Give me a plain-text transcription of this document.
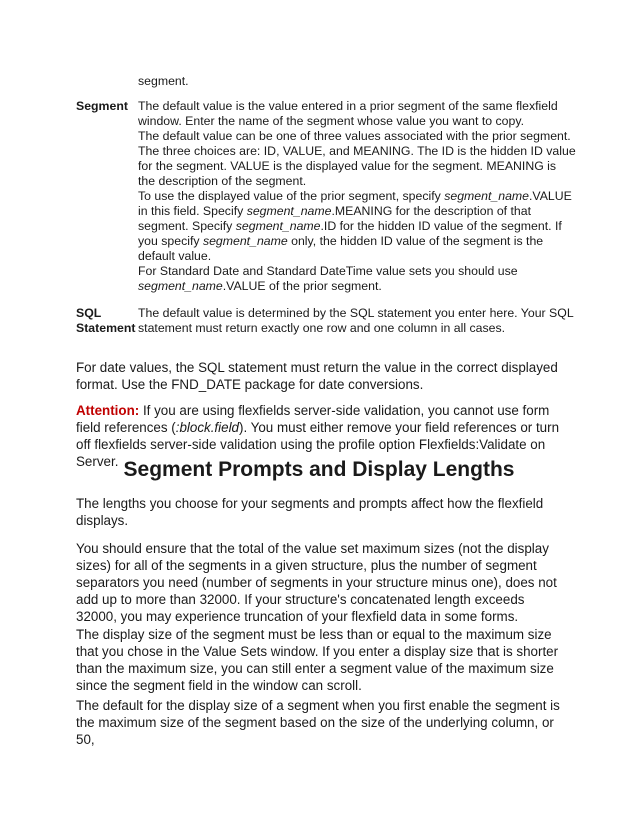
segment.
Segment The default value is the value entered in a prior segment of the same flexfield window. Enter the name of the segment whose value you want to copy.

The default value can be one of three values associated with the prior segment. The three choices are: ID, VALUE, and MEANING. The ID is the hidden ID value for the segment. VALUE is the displayed value for the segment. MEANING is the description of the segment.

To use the displayed value of the prior segment, specify segment_name.VALUE in this field. Specify segment_name.MEANING for the description of that segment. Specify segment_name.ID for the hidden ID value of the segment. If you specify segment_name only, the hidden ID value of the segment is the default value.

For Standard Date and Standard DateTime value sets you should use segment_name.VALUE of the prior segment.

SQL
Statement
The default value is determined by the SQL statement you enter here. Your SQL statement must return exactly one row and one column in all cases.

For date values, the SQL statement must return the value in the correct displayed format. Use the FND_DATE package for date conversions.

Attention: If you are using flexfields server-side validation, you cannot use form field references (:block.field). You must either remove your field references or turn off flexfields server-side validation using the profile option Flexfields:Validate on Server. Segment Prompts and Display Lengths

The lengths you choose for your segments and prompts affect how the flexfield displays.

You should ensure that the total of the value set maximum sizes (not the display sizes) for all of the segments in a given structure, plus the number of segment separators you need (number of segments in your structure minus one), does not add up to more than 32000. If your structure's concatenated length exceeds 32000, you may experience truncation of your flexfield data in some forms.

The display size of the segment must be less than or equal to the maximum size that you chose in the Value Sets window. If you enter a display size that is shorter than the maximum size, you can still enter a segment value of the maximum size since the segment field in the window can scroll.

The default for the display size of a segment when you first enable the segment is the maximum size of the segment based on the size of the underlying column, or 50,
